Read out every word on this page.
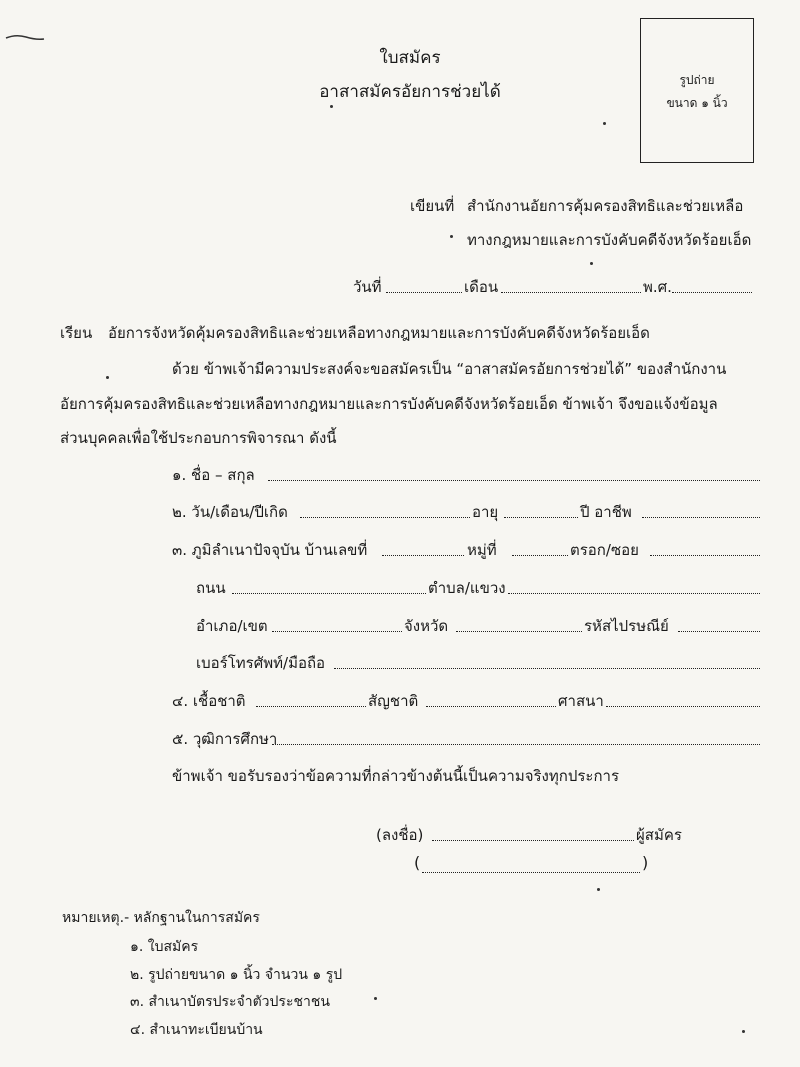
ใบสมัคร
อาสาสมัครอัยการช่วยได้
รูปถ่าย
ขนาด ๑ นิ้ว
เขียนที่ สำนักงานอัยการคุ้มครองสิทธิและช่วยเหลือ
ทางกฎหมายและการบังคับคดีจังหวัดร้อยเอ็ด
วันที่	เดือน	พ.ศ.
เรียน อัยการจังหวัดคุ้มครองสิทธิและช่วยเหลือทางกฎหมายและการบังคับคดีจังหวัดร้อยเอ็ด
ด้วย ข้าพเจ้ามีความประสงค์จะขอสมัครเป็น “อาสาสมัครอัยการช่วยได้” ของสำนักงาน
อัยการคุ้มครองสิทธิและช่วยเหลือทางกฎหมายและการบังคับคดีจังหวัดร้อยเอ็ด ข้าพเจ้า จึงขอแจ้งข้อมูล
ส่วนบุคคลเพื่อใช้ประกอบการพิจารณา ดังนี้
๑. ชื่อ – สกุล
๒. วัน/เดือน/ปีเกิด	อายุ	ปี อาชีพ
๓. ภูมิลำเนาปัจจุบัน บ้านเลขที่	หมู่ที่	ตรอก/ซอย
ถนน	ตำบล/แขวง
อำเภอ/เขต	จังหวัด	รหัสไปรษณีย์
เบอร์โทรศัพท์/มือถือ
๔. เชื้อชาติ	สัญชาติ	ศาสนา
๕. วุฒิการศึกษา
ข้าพเจ้า ขอรับรองว่าข้อความที่กล่าวข้างต้นนี้เป็นความจริงทุกประการ
(ลงชื่อ)	ผู้สมัคร
(	)
หมายเหตุ.- หลักฐานในการสมัคร
๑. ใบสมัคร
๒. รูปถ่ายขนาด ๑ นิ้ว จำนวน ๑ รูป
๓. สำเนาบัตรประจำตัวประชาชน
๔. สำเนาทะเบียนบ้าน
